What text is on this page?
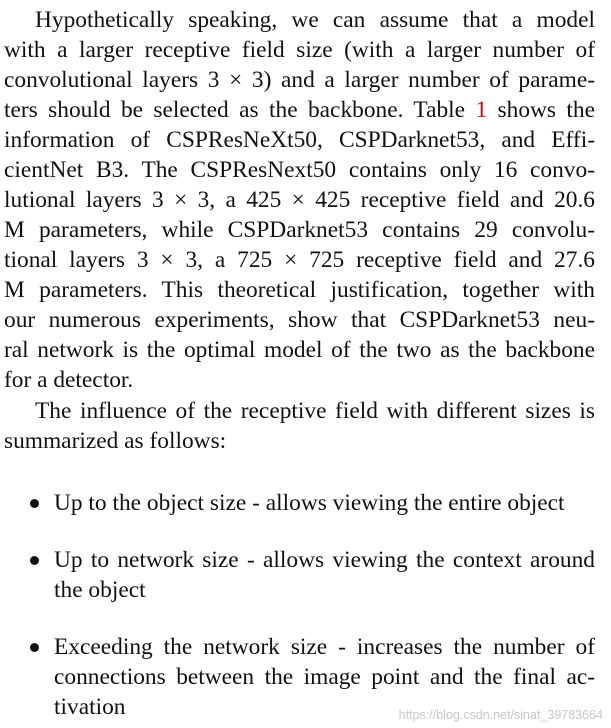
Hypothetically speaking, we can assume that a model
with a larger receptive field size (with a larger number of
convolutional layers 3 × 3) and a larger number of parame-
ters should be selected as the backbone. Table 1 shows the
information of CSPResNeXt50, CSPDarknet53, and Effi-
cientNet B3. The CSPResNext50 contains only 16 convo-
lutional layers 3 × 3, a 425 × 425 receptive field and 20.6
M parameters, while CSPDarknet53 contains 29 convolu-
tional layers 3 × 3, a 725 × 725 receptive field and 27.6
M parameters. This theoretical justification, together with
our numerous experiments, show that CSPDarknet53 neu-
ral network is the optimal model of the two as the backbone
for a detector.
The influence of the receptive field with different sizes is
summarized as follows:
Up to the object size - allows viewing the entire object
Up to network size - allows viewing the context around
the object
Exceeding the network size - increases the number of
connections between the image point and the final ac-
tivation	https://blog.csdn.net/sinat_39783664
